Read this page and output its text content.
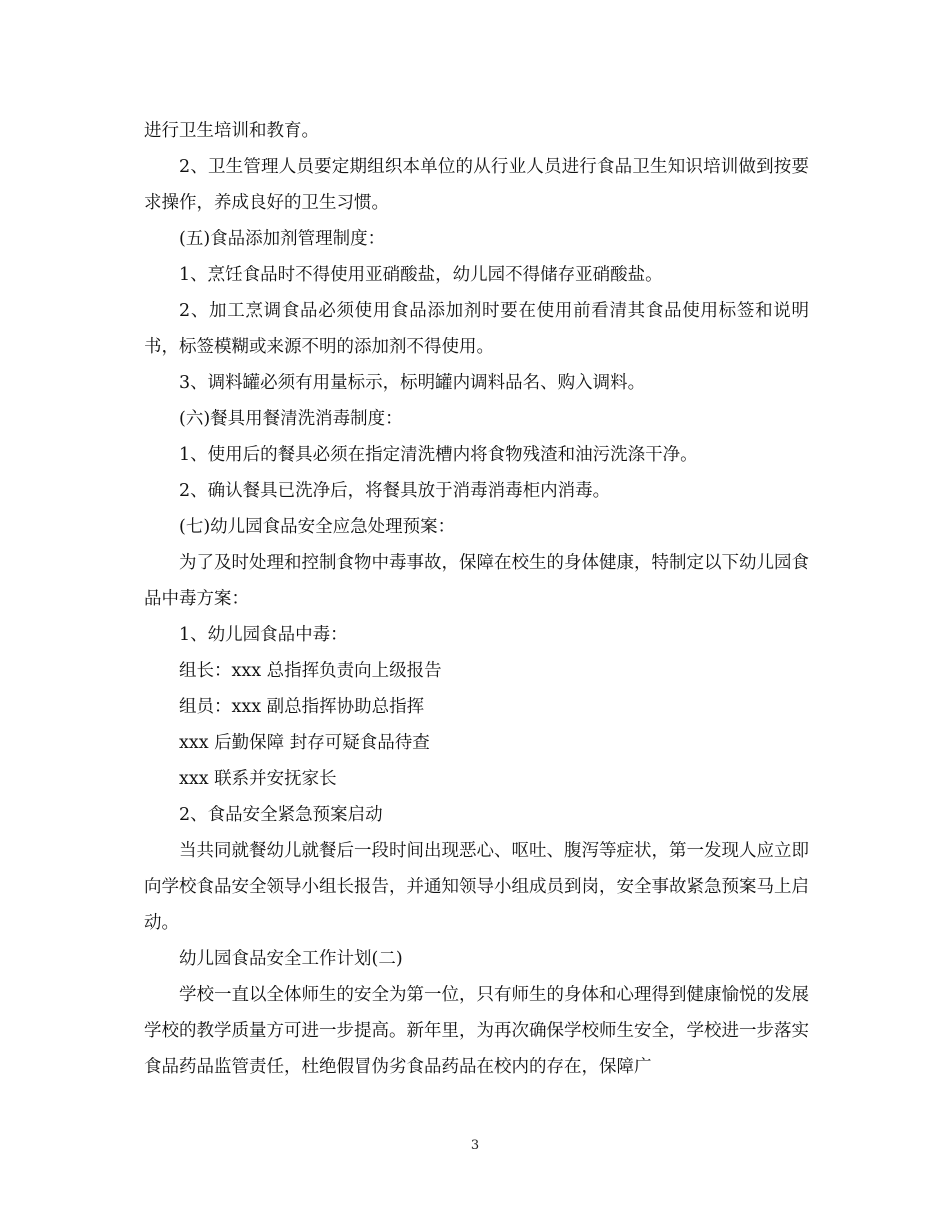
进行卫生培训和教育。

2、卫生管理人员要定期组织本单位的从行业人员进行食品卫生知识培训做到按要求操作，养成良好的卫生习惯。

(五)食品添加剂管理制度：

1、烹饪食品时不得使用亚硝酸盐，幼儿园不得储存亚硝酸盐。

2、加工烹调食品必须使用食品添加剂时要在使用前看清其食品使用标签和说明书，标签模糊或来源不明的添加剂不得使用。

3、调料罐必须有用量标示，标明罐内调料品名、购入调料。

(六)餐具用餐清洗消毒制度：

1、使用后的餐具必须在指定清洗槽内将食物残渣和油污洗涤干净。

2、确认餐具已洗净后，将餐具放于消毒消毒柜内消毒。

(七)幼儿园食品安全应急处理预案：

为了及时处理和控制食物中毒事故，保障在校生的身体健康，特制定以下幼儿园食品中毒方案：

1、幼儿园食品中毒：

组长：xxx 总指挥负责向上级报告

组员：xxx 副总指挥协助总指挥

xxx 后勤保障 封存可疑食品待查

xxx 联系并安抚家长

2、食品安全紧急预案启动

当共同就餐幼儿就餐后一段时间出现恶心、呕吐、腹泻等症状，第一发现人应立即向学校食品安全领导小组长报告，并通知领导小组成员到岗，安全事故紧急预案马上启动。

幼儿园食品安全工作计划(二)

学校一直以全体师生的安全为第一位，只有师生的身体和心理得到健康愉悦的发展学校的教学质量方可进一步提高。新年里，为再次确保学校师生安全，学校进一步落实食品药品监管责任，杜绝假冒伪劣食品药品在校内的存在，保障广

3
